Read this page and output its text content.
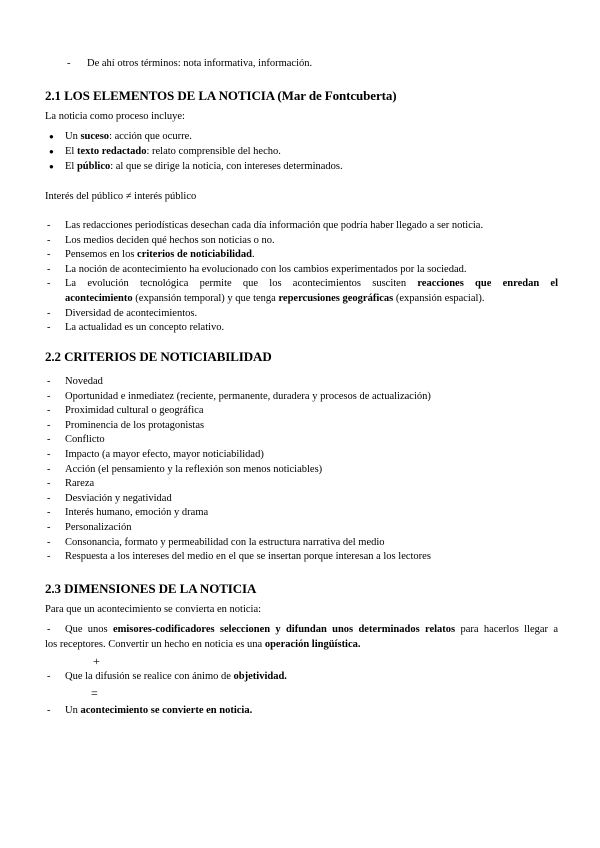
- De ahí otros términos: nota informativa, información.
2.1 LOS ELEMENTOS DE LA NOTICIA (Mar de Fontcuberta)
La noticia como proceso incluye:
● Un suceso: acción que ocurre.
● El texto redactado: relato comprensible del hecho.
● El público: al que se dirige la noticia, con intereses determinados.
Interés del público ≠ interés público
- Las redacciones periodísticas desechan cada día información que podría haber llegado a ser noticia.
- Los medios deciden qué hechos son noticias o no.
- Pensemos en los criterios de noticiabilidad.
- La noción de acontecimiento ha evolucionado con los cambios experimentados por la sociedad.
- La evolución tecnológica permite que los acontecimientos susciten reacciones que enredan el
acontecimiento (expansión temporal) y que tenga repercusiones geográficas (expansión espacial).
- Diversidad de acontecimientos.
- La actualidad es un concepto relativo.
2.2 CRITERIOS DE NOTICIABILIDAD
- Novedad
- Oportunidad e inmediatez (reciente, permanente, duradera y procesos de actualización)
- Proximidad cultural o geográfica
- Prominencia de los protagonistas
- Conflicto
- Impacto (a mayor efecto, mayor noticiabilidad)
- Acción (el pensamiento y la reflexión son menos noticiables)
- Rareza
- Desviación y negatividad
- Interés humano, emoción y drama
- Personalización
- Consonancia, formato y permeabilidad con la estructura narrativa del medio
- Respuesta a los intereses del medio en el que se insertan porque interesan a los lectores
2.3 DIMENSIONES DE LA NOTICIA
Para que un acontecimiento se convierta en noticia:
- Que unos emisores-codificadores seleccionen y difundan unos determinados relatos para hacerlos llegar a
los receptores. Convertir un hecho en noticia es una operación lingüística.
+
- Que la difusión se realice con ánimo de objetividad.
=
- Un acontecimiento se convierte en noticia.
